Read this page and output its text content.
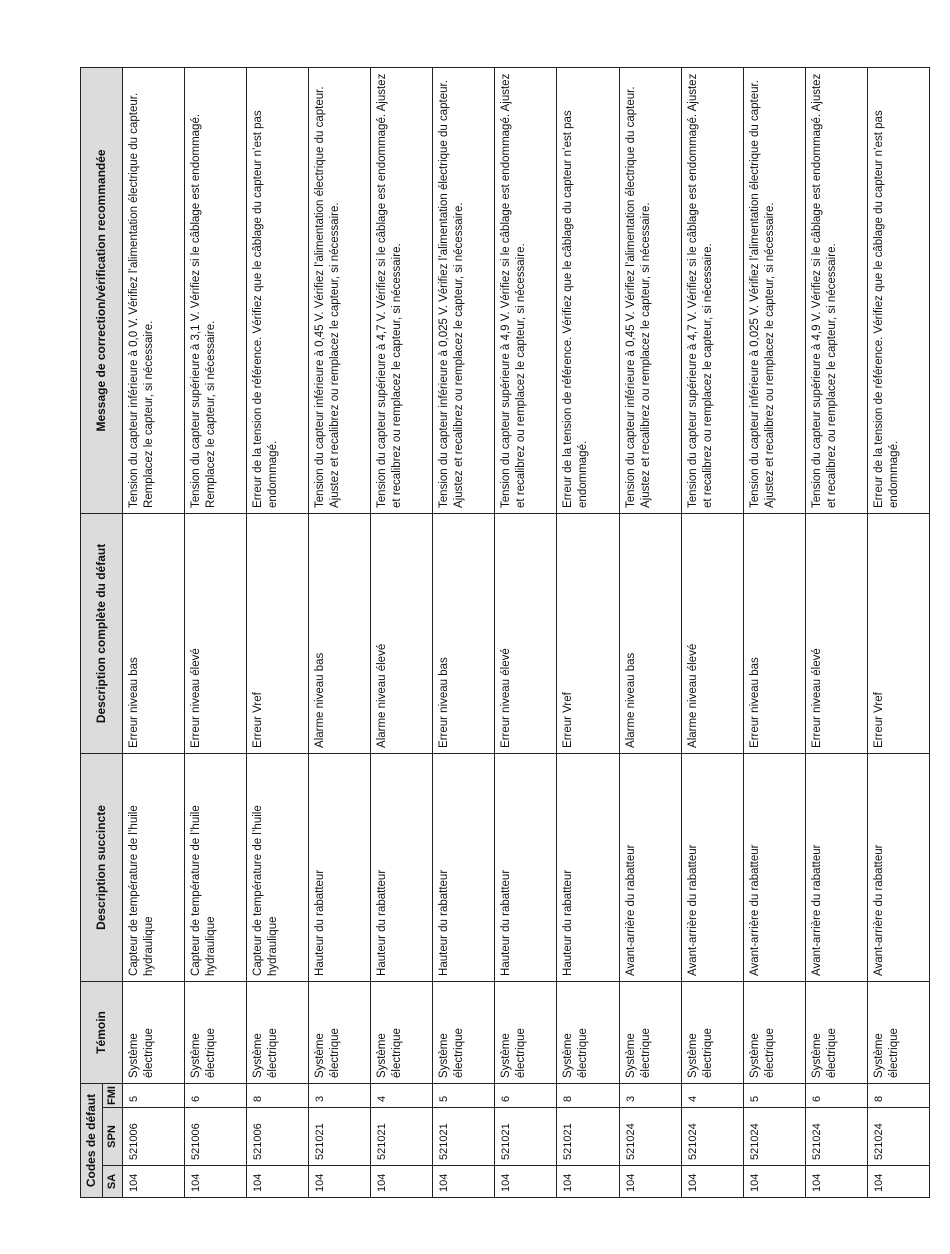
Codes de défaut			Témoin	Description succincte	Description complète du défaut	Message de correction/vérification recommandée
SA	SPN	FMI				
104	521006	5	Système électrique	Capteur de température de l’huile hydraulique	Erreur niveau bas	Tension du capteur inférieure à 0,0 V. Vérifiez l’alimentation électrique du capteur. Remplacez le capteur, si nécessaire.
104	521006	6	Système électrique	Capteur de température de l’huile hydraulique	Erreur niveau élevé	Tension du capteur supérieure à 3,1 V. Vérifiez si le câblage est endommagé. Remplacez le capteur, si nécessaire.
104	521006	8	Système électrique	Capteur de température de l’huile hydraulique	Erreur Vref	Erreur de la tension de référence. Vérifiez que le câblage du capteur n’est pas endommagé.
104	521021	3	Système électrique	Hauteur du rabatteur	Alarme niveau bas	Tension du capteur inférieure à 0,45 V. Vérifiez l’alimentation électrique du capteur. Ajustez et recalibrez ou remplacez le capteur, si nécessaire.
104	521021	4	Système électrique	Hauteur du rabatteur	Alarme niveau élevé	Tension du capteur supérieure à 4,7 V. Vérifiez si le câblage est endommagé. Ajustez et recalibrez ou remplacez le capteur, si nécessaire.
104	521021	5	Système électrique	Hauteur du rabatteur	Erreur niveau bas	Tension du capteur inférieure à 0,025 V. Vérifiez l’alimentation électrique du capteur. Ajustez et recalibrez ou remplacez le capteur, si nécessaire.
104	521021	6	Système électrique	Hauteur du rabatteur	Erreur niveau élevé	Tension du capteur supérieure à 4,9 V. Vérifiez si le câblage est endommagé. Ajustez et recalibrez ou remplacez le capteur, si nécessaire.
104	521021	8	Système électrique	Hauteur du rabatteur	Erreur Vref	Erreur de la tension de référence. Vérifiez que le câblage du capteur n’est pas endommagé.
104	521024	3	Système électrique	Avant-arrière du rabatteur	Alarme niveau bas	Tension du capteur inférieure à 0,45 V. Vérifiez l’alimentation électrique du capteur. Ajustez et recalibrez ou remplacez le capteur, si nécessaire.
104	521024	4	Système électrique	Avant-arrière du rabatteur	Alarme niveau élevé	Tension du capteur supérieure à 4,7 V. Vérifiez si le câblage est endommagé. Ajustez et recalibrez ou remplacez le capteur, si nécessaire.
104	521024	5	Système électrique	Avant-arrière du rabatteur	Erreur niveau bas	Tension du capteur inférieure à 0,025 V. Vérifiez l’alimentation électrique du capteur. Ajustez et recalibrez ou remplacez le capteur, si nécessaire.
104	521024	6	Système électrique	Avant-arrière du rabatteur	Erreur niveau élevé	Tension du capteur supérieure à 4,9 V. Vérifiez si le câblage est endommagé. Ajustez et recalibrez ou remplacez le capteur, si nécessaire.
104	521024	8	Système électrique	Avant-arrière du rabatteur	Erreur Vref	Erreur de la tension de référence. Vérifiez que le câblage du capteur n’est pas endommagé.
